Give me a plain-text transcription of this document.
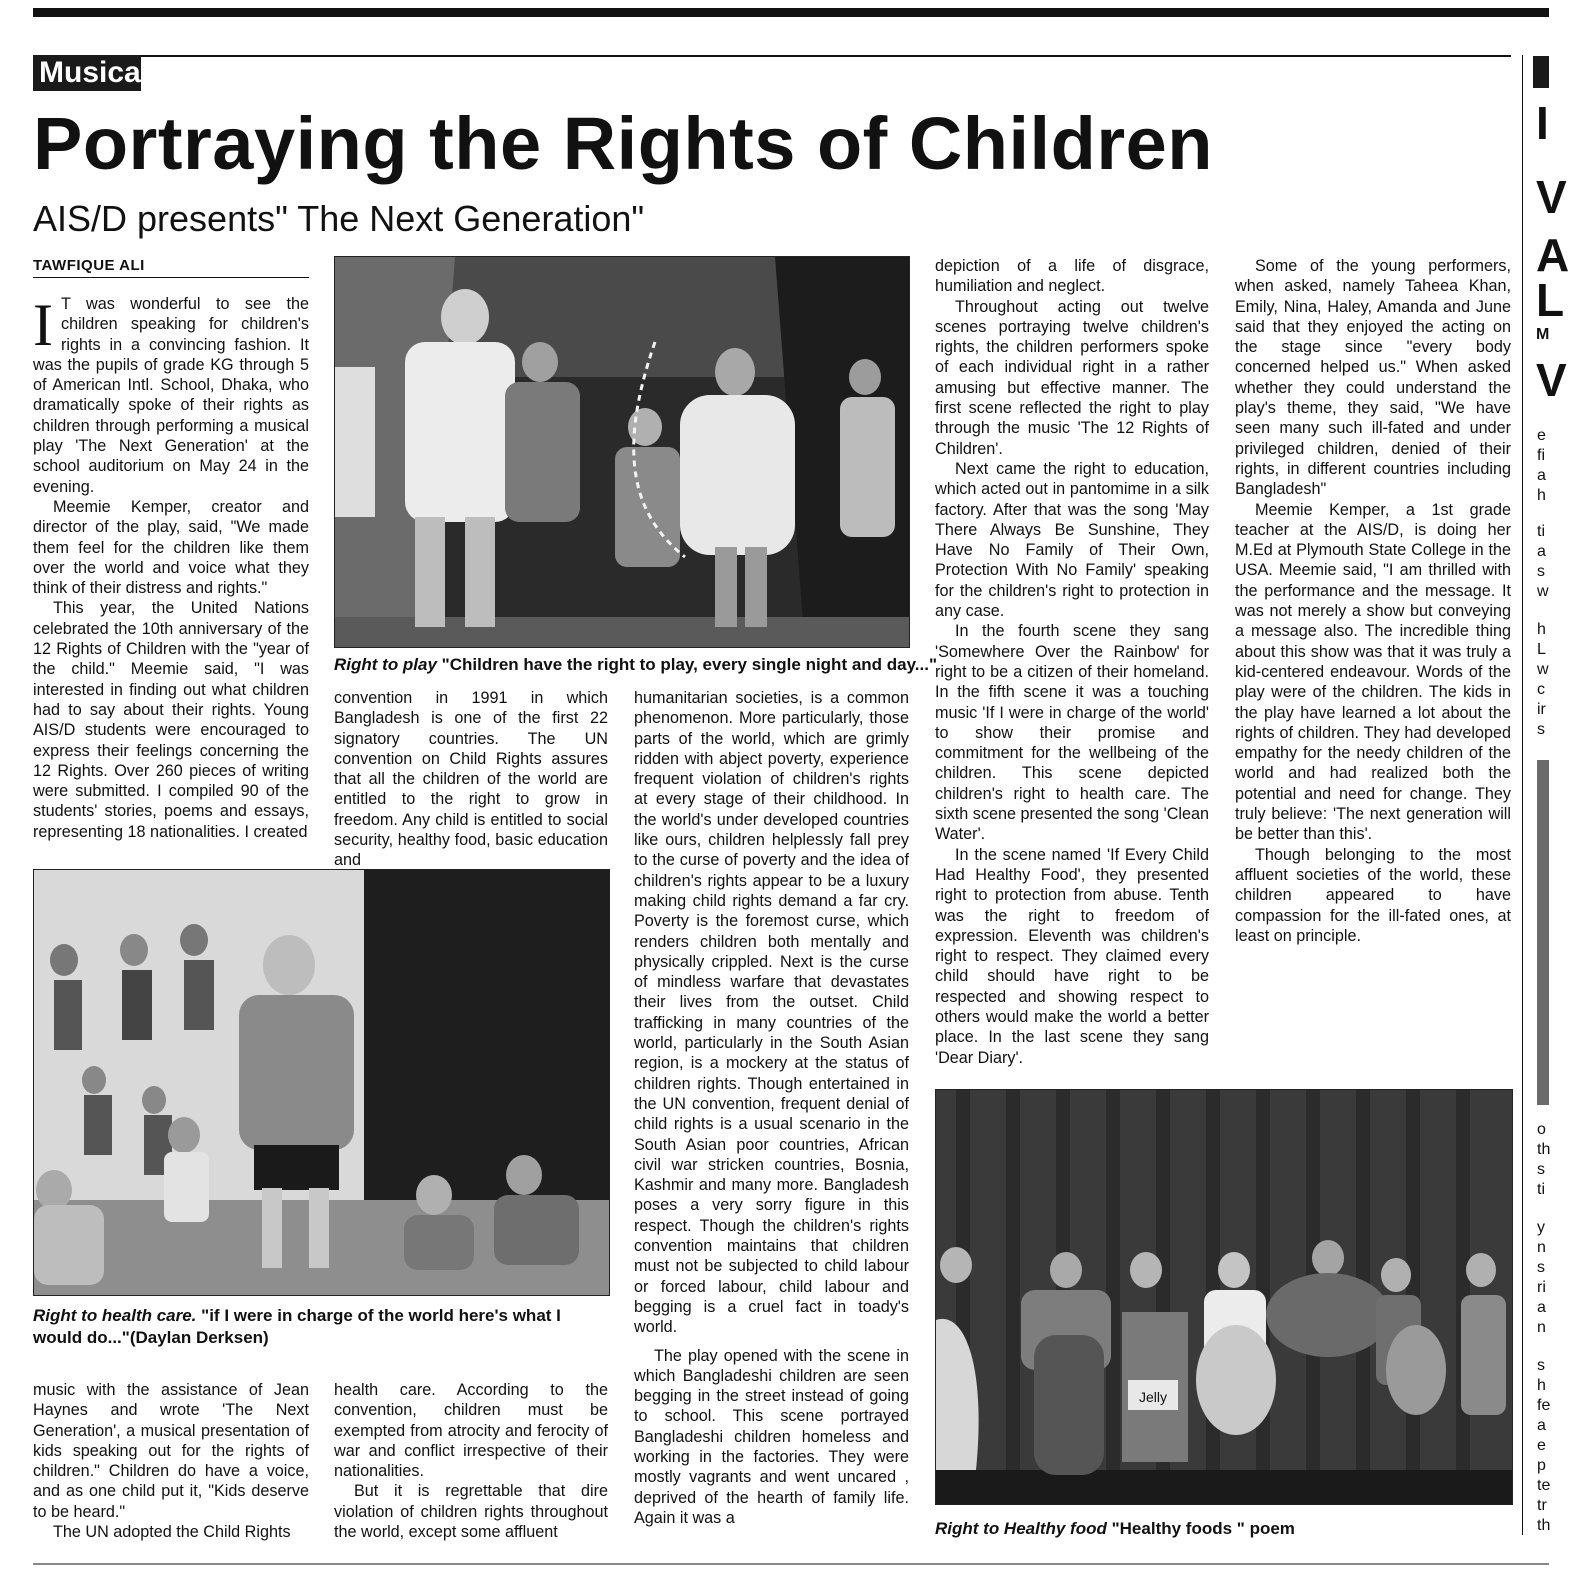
Musica
Portraying the Rights of Children
AIS/D presents" The Next Generation"
TAWFIQUE ALI
I T was wonderful to see the children speaking for children's rights in a convincing fashion. It was the pupils of grade KG through 5 of American Intl. School, Dhaka, who dramatically spoke of their rights as children through performing a musical play 'The Next Generation' at the school auditorium on May 24 in the evening.

Meemie Kemper, creator and director of the play, said, "We made them feel for the children like them over the world and voice what they think of their distress and rights."

This year, the United Nations celebrated the 10th anniversary of the 12 Rights of Children with the "year of the child." Meemie said, "I was interested in finding out what children had to say about their rights. Young AIS/D students were encouraged to express their feelings concerning the 12 Rights. Over 260 pieces of writing were submitted. I compiled 90 of the students' stories, poems and essays, representing 18 nationalities. I created

Right to play "Children have the right to play, every single night and day..."

convention in 1991 in which Bangladesh is one of the first 22 signatory countries. The UN convention on Child Rights assures that all the children of the world are entitled to the right to grow in freedom. Any child is entitled to social security, healthy food, basic education and

humanitarian societies, is a common phenomenon. More particularly, those parts of the world, which are grimly ridden with abject poverty, experience frequent violation of children's rights at every stage of their childhood. In the world's under developed countries like ours, children helplessly fall prey to the curse of poverty and the idea of children's rights appear to be a luxury making child rights demand a far cry. Poverty is the foremost curse, which renders children both mentally and physically crippled. Next is the curse of mindless warfare that devastates their lives from the outset. Child trafficking in many countries of the world, particularly in the South Asian region, is a mockery at the status of children rights. Though entertained in the UN convention, frequent denial of child rights is a usual scenario in the South Asian poor countries, African civil war stricken countries, Bosnia, Kashmir and many more. Bangladesh poses a very sorry figure in this respect. Though the children's rights convention maintains that children must not be subjected to child labour or forced labour, child labour and begging is a cruel fact in toady's world.

The play opened with the scene in which Bangladeshi children are seen begging in the street instead of going to school. This scene portrayed Bangladeshi children homeless and working in the factories. They were mostly vagrants and went uncared , deprived of the hearth of family life. Again it was a

Right to health care. "if I were in charge of the world here's what I would do..."(Daylan Derksen)

music with the assistance of Jean Haynes and wrote 'The Next Generation', a musical presentation of kids speaking out for the rights of children." Children do have a voice, and as one child put it, "Kids deserve to be heard."

The UN adopted the Child Rights

health care. According to the convention, children must be exempted from atrocity and ferocity of war and conflict irrespective of their nationalities.

But it is regrettable that dire violation of children rights throughout the world, except some affluent

depiction of a life of disgrace, humiliation and neglect.

Throughout acting out twelve scenes portraying twelve children's rights, the children performers spoke of each individual right in a rather amusing but effective manner. The first scene reflected the right to play through the music 'The 12 Rights of Children'.

Next came the right to education, which acted out in pantomime in a silk factory. After that was the song 'May There Always Be Sunshine, They Have No Family of Their Own, Protection With No Family' speaking for the children's right to protection in any case.

In the fourth scene they sang 'Somewhere Over the Rainbow' for right to be a citizen of their homeland. In the fifth scene it was a touching music 'If I were in charge of the world' to show their promise and commitment for the wellbeing of the children. This scene depicted children's right to health care. The sixth scene presented the song 'Clean Water'.

In the scene named 'If Every Child Had Healthy Food', they presented right to protection from abuse. Tenth was the right to freedom of expression. Eleventh was children's right to respect. They claimed every child should have right to be respected and showing respect to others would make the world a better place. In the last scene they sang 'Dear Diary'.

Some of the young performers, when asked, namely Taheea Khan, Emily, Nina, Haley, Amanda and June said that they enjoyed the acting on the stage since "every body concerned helped us." When asked whether they could understand the play's theme, they said, "We have seen many such ill-fated and under privileged children, denied of their rights, in different countries including Bangladesh"

Meemie Kemper, a 1st grade teacher at the AIS/D, is doing her M.Ed at Plymouth State College in the USA. Meemie said, "I am thrilled with the performance and the message. It was not merely a show but conveying a message also. The incredible thing about this show was that it was truly a kid-centered endeavour. Words of the play were of the children. The kids in the play have learned a lot about the rights of children. They had developed empathy for the needy children of the world and had realized both the potential and need for change. They truly believe: 'The next generation will be better than this'.

Though belonging to the most affluent societies of the world, these children appeared to have compassion for the ill-fated ones, at least on principle.

Jelly
Right to Healthy food "Healthy foods " poem
I
V
A
L
M
V
e
fi
a
h
ti
a
s
w
h
L
w
c
ir
s
o
th
s
ti
y
n
s
ri
a
n
s
h
fe
a
e
p
te
tr
th
